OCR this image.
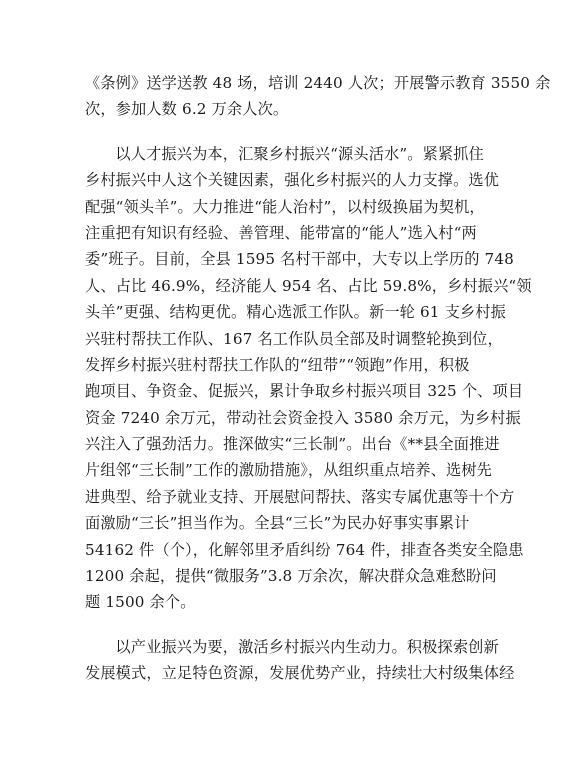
《条例》送学送教 48 场，培训 2440 人次；开展警示教育 3550 余
次，参加人数 6.2 万余人次。
以人才振兴为本，汇聚乡村振兴“源头活水”。紧紧抓住
乡村振兴中人这个关键因素，强化乡村振兴的人力支撑。选优
配强“领头羊”。大力推进“能人治村”，以村级换届为契机，
注重把有知识有经验、善管理、能带富的“能人”选入村“两
委”班子。目前，全县 1595 名村干部中，大专以上学历的 748
人、占比 46.9%，经济能人 954 名、占比 59.8%，乡村振兴“领
头羊”更强、结构更优。精心选派工作队。新一轮 61 支乡村振
兴驻村帮扶工作队、167 名工作队员全部及时调整轮换到位，
发挥乡村振兴驻村帮扶工作队的“纽带”“领跑”作用，积极
跑项目、争资金、促振兴，累计争取乡村振兴项目 325 个、项目
资金 7240 余万元，带动社会资金投入 3580 余万元，为乡村振
兴注入了强劲活力。推深做实“三长制”。出台《**县全面推进
片组邻“三长制”工作的激励措施》，从组织重点培养、选树先
进典型、给予就业支持、开展慰问帮扶、落实专属优惠等十个方
面激励“三长”担当作为。全县“三长”为民办好事实事累计
54162 件（个），化解邻里矛盾纠纷 764 件，排查各类安全隐患
1200 余起，提供“微服务”3.8 万余次，解决群众急难愁盼问
题 1500 余个。
以产业振兴为要，激活乡村振兴内生动力。积极探索创新
发展模式，立足特色资源，发展优势产业，持续壮大村级集体经
